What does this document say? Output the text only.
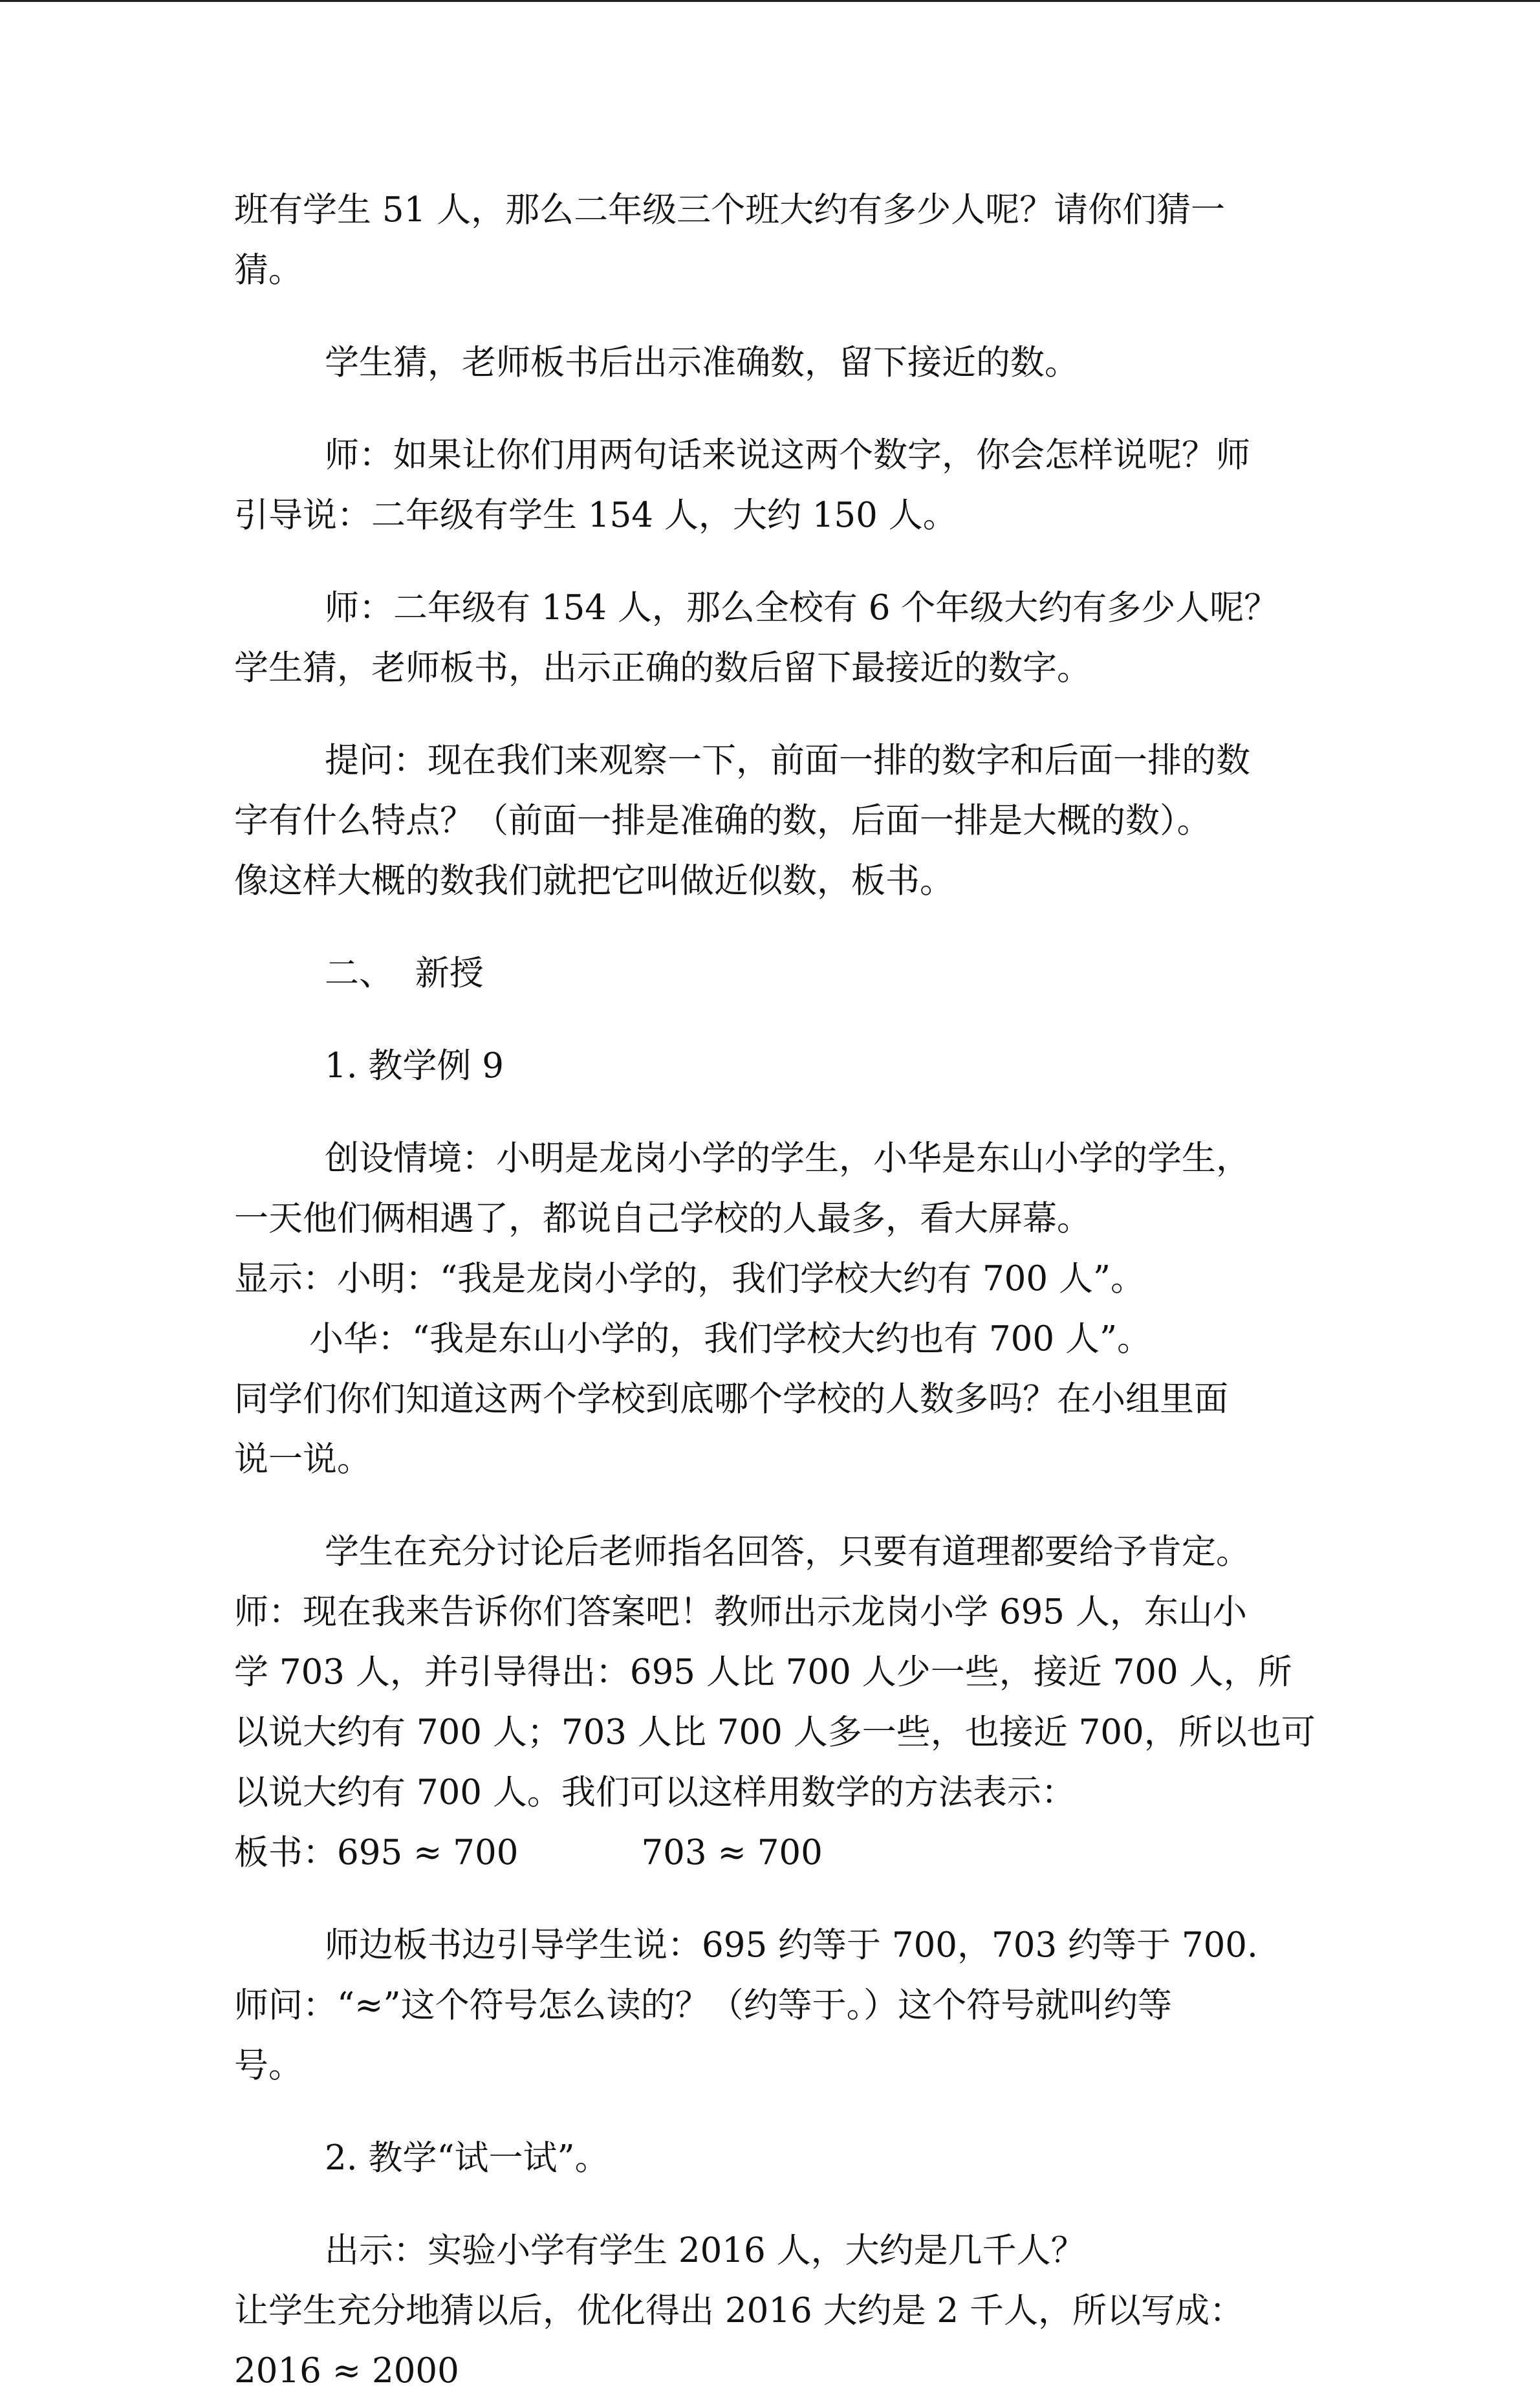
班有学生 51 人，那么二年级三个班大约有多少人呢？请你们猜一
猜。
学生猜，老师板书后出示准确数，留下接近的数。
师：如果让你们用两句话来说这两个数字，你会怎样说呢？师
引导说：二年级有学生 154 人，大约 150 人。
师：二年级有 154 人，那么全校有 6 个年级大约有多少人呢？
学生猜，老师板书，出示正确的数后留下最接近的数字。
提问：现在我们来观察一下，前面一排的数字和后面一排的数
字有什么特点？（前面一排是准确的数，后面一排是大概的数）。
像这样大概的数我们就把它叫做近似数，板书。
二、  新授
1. 教学例 9
创设情境：小明是龙岗小学的学生，小华是东山小学的学生，
一天他们俩相遇了，都说自己学校的人最多，看大屏幕。
显示：小明：“我是龙岗小学的，我们学校大约有 700 人”。
小华：“我是东山小学的，我们学校大约也有 700 人”。
同学们你们知道这两个学校到底哪个学校的人数多吗？在小组里面
说一说。
学生在充分讨论后老师指名回答，只要有道理都要给予肯定。
师：现在我来告诉你们答案吧！教师出示龙岗小学 695 人，东山小
学 703 人，并引导得出：695 人比 700 人少一些，接近 700 人，所
以说大约有 700 人；703 人比 700 人多一些，也接近 700，所以也可
以说大约有 700 人。我们可以这样用数学的方法表示：
板书：695 ≈ 700	703 ≈ 700
师边板书边引导学生说：695 约等于 700，703 约等于 700.
师问：“≈”这个符号怎么读的？（约等于。）这个符号就叫约等
号。
2. 教学“试一试”。
出示：实验小学有学生 2016 人，大约是几千人？
让学生充分地猜以后，优化得出 2016 大约是 2 千人，所以写成：
2016 ≈ 2000
